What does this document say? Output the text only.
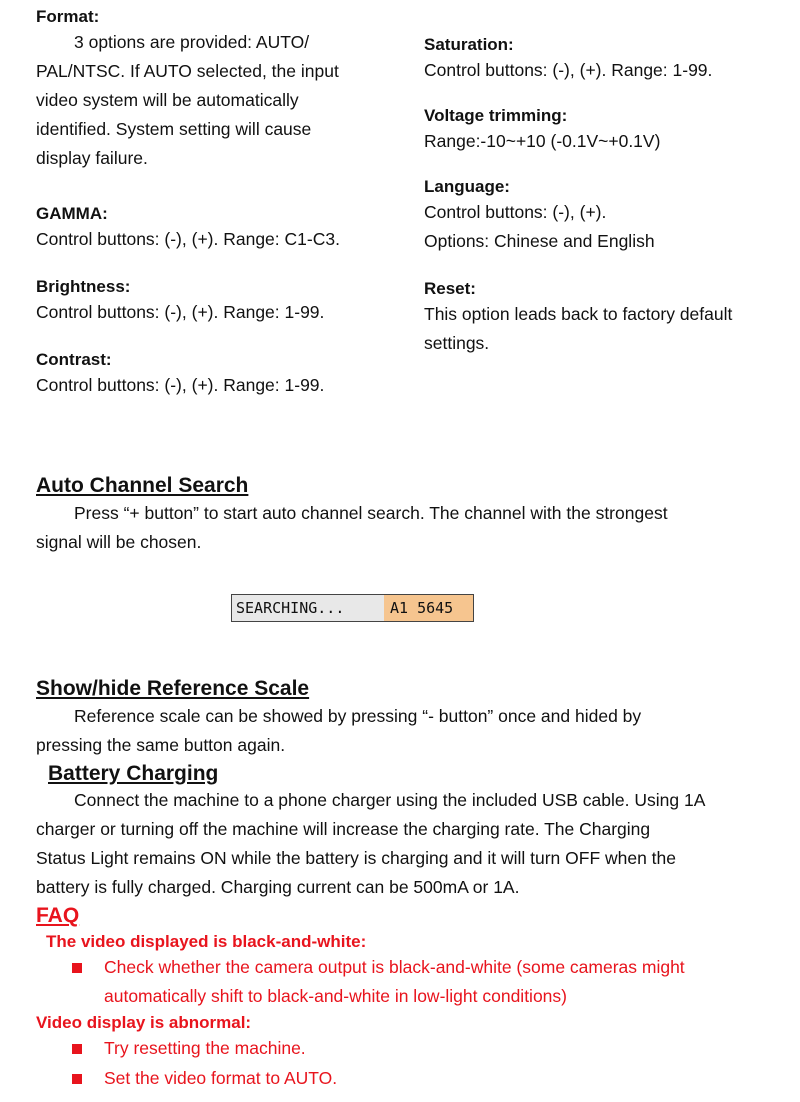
Format:

3 options are provided: AUTO/

PAL/NTSC. If AUTO selected, the input

video system will be automatically

identified. System setting will cause

display failure.

GAMMA:

Control buttons: (-), (+). Range: C1-C3.

Brightness:

Control buttons: (-), (+). Range: 1-99.

Contrast:

Control buttons: (-), (+). Range: 1-99.

Saturation:

Control buttons: (-), (+). Range: 1-99.

Voltage trimming:

Range:-10~+10 (-0.1V~+0.1V)

Language:

Control buttons: (-), (+).

Options: Chinese and English

Reset:

This option leads back to factory default

settings.

Auto Channel Search

Press “+ button” to start auto channel search. The channel with the strongest

signal will be chosen.

SEARCHING...	A1 5645

Show/hide Reference Scale

Reference scale can be showed by pressing “- button” once and hided by

pressing the same button again.

Battery Charging

Connect the machine to a phone charger using the included USB cable. Using 1A

charger or turning off the machine will increase the charging rate. The Charging

Status Light remains ON while the battery is charging and it will turn OFF when the

battery is fully charged. Charging current can be 500mA or 1A.

FAQ

The video displayed is black-and-white:

Check whether the camera output is black-and-white (some cameras might

automatically shift to black-and-white in low-light conditions)

Video display is abnormal:

Try resetting the machine.

Set the video format to AUTO.
